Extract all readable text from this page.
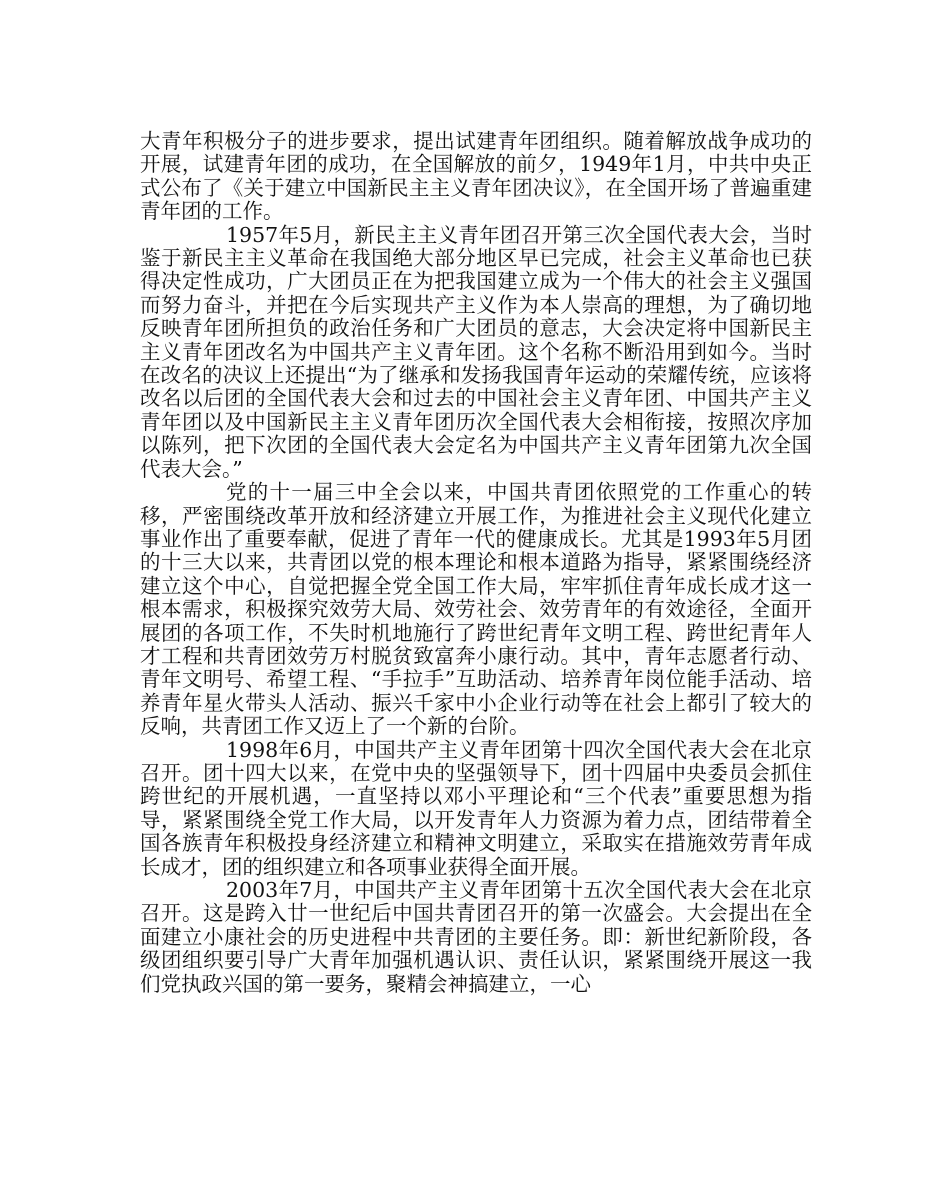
大青年积极分子的进步要求，提出试建青年团组织。随着解放战争成功的开展，试建青年团的成功，在全国解放的前夕，1949年1月，中共中央正式公布了《关于建立中国新民主主义青年团决议》，在全国开场了普遍重建青年团的工作。

1957年5月，新民主主义青年团召开第三次全国代表大会，当时鉴于新民主主义革命在我国绝大部分地区早已完成，社会主义革命也已获得决定性成功，广大团员正在为把我国建立成为一个伟大的社会主义强国而努力奋斗，并把在今后实现共产主义作为本人崇高的理想，为了确切地反映青年团所担负的政治任务和广大团员的意志，大会决定将中国新民主主义青年团改名为中国共产主义青年团。这个名称不断沿用到如今。当时在改名的决议上还提出“为了继承和发扬我国青年运动的荣耀传统，应该将改名以后团的全国代表大会和过去的中国社会主义青年团、中国共产主义青年团以及中国新民主主义青年团历次全国代表大会相衔接，按照次序加以陈列，把下次团的全国代表大会定名为中国共产主义青年团第九次全国代表大会。”

党的十一届三中全会以来，中国共青团依照党的工作重心的转移，严密围绕改革开放和经济建立开展工作，为推进社会主义现代化建立事业作出了重要奉献，促进了青年一代的健康成长。尤其是1993年5月团的十三大以来，共青团以党的根本理论和根本道路为指导，紧紧围绕经济建立这个中心，自觉把握全党全国工作大局，牢牢抓住青年成长成才这一根本需求，积极探究效劳大局、效劳社会、效劳青年的有效途径，全面开展团的各项工作，不失时机地施行了跨世纪青年文明工程、跨世纪青年人才工程和共青团效劳万村脱贫致富奔小康行动。其中，青年志愿者行动、青年文明号、希望工程、“手拉手”互助活动、培养青年岗位能手活动、培养青年星火带头人活动、振兴千家中小企业行动等在社会上都引了较大的反响，共青团工作又迈上了一个新的台阶。

1998年6月，中国共产主义青年团第十四次全国代表大会在北京召开。团十四大以来，在党中央的坚强领导下，团十四届中央委员会抓住跨世纪的开展机遇，一直坚持以邓小平理论和“三个代表”重要思想为指导，紧紧围绕全党工作大局，以开发青年人力资源为着力点，团结带着全国各族青年积极投身经济建立和精神文明建立，采取实在措施效劳青年成长成才，团的组织建立和各项事业获得全面开展。

2003年7月，中国共产主义青年团第十五次全国代表大会在北京召开。这是跨入廿一世纪后中国共青团召开的第一次盛会。大会提出在全面建立小康社会的历史进程中共青团的主要任务。即：新世纪新阶段，各级团组织要引导广大青年加强机遇认识、责任认识，紧紧围绕开展这一我们党执政兴国的第一要务，聚精会神搞建立，一心
